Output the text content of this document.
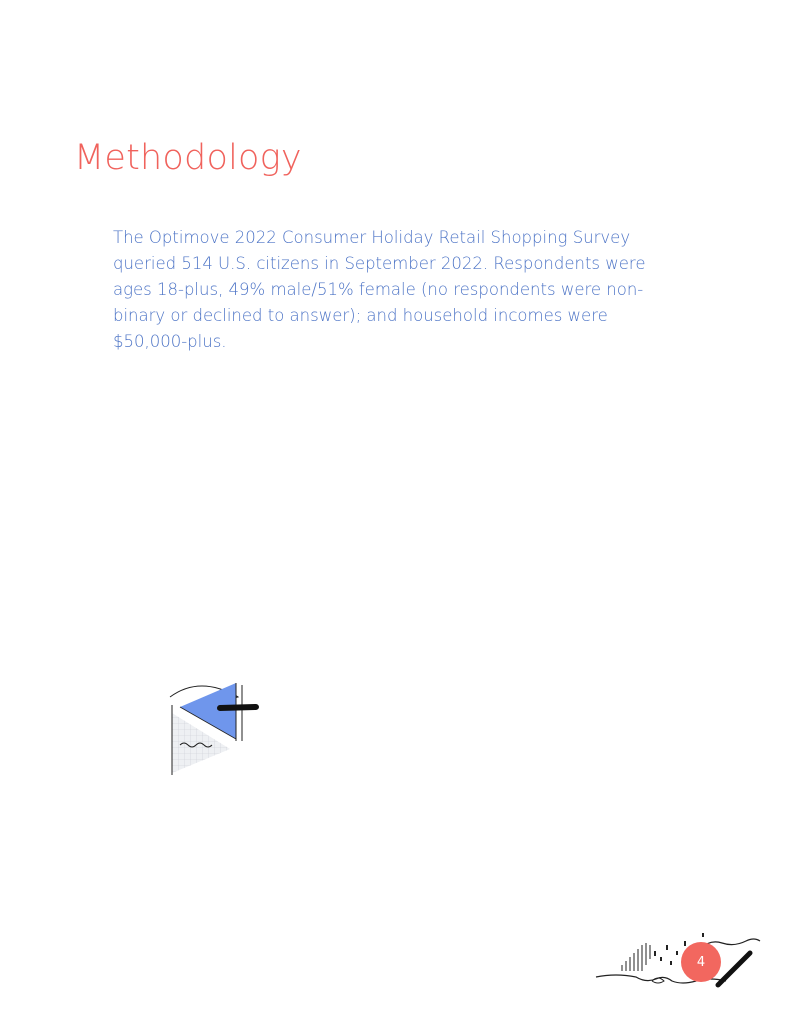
Methodology

The Optimove 2022 Consumer Holiday Retail Shopping Survey queried 514 U.S. citizens in September 2022. Respondents were ages 18-plus, 49% male/51% female (no respondents were non-binary or declined to answer); and household incomes were $50,000-plus.

4
